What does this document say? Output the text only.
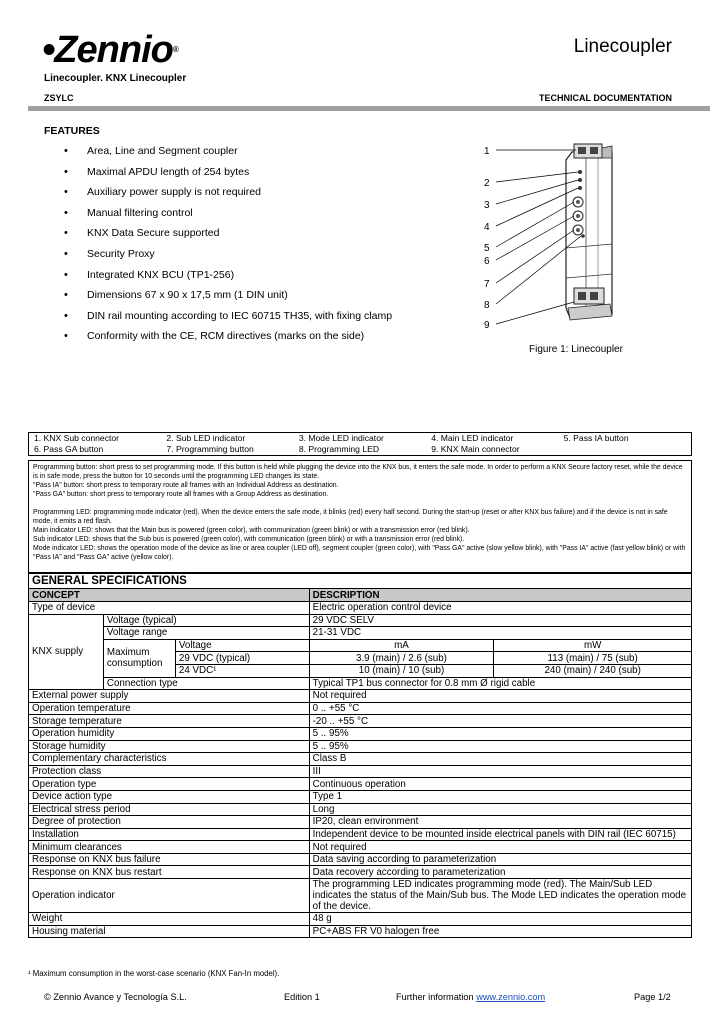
•Zennio®	Linecoupler
Linecoupler. KNX Linecoupler
ZSYLC	TECHNICAL DOCUMENTATION
FEATURES
• Area, Line and Segment coupler
• Maximal APDU length of 254 bytes
• Auxiliary power supply is not required
• Manual filtering control
• KNX Data Secure supported
• Security Proxy
• Integrated KNX BCU (TP1-256)
• Dimensions 67 x 90 x 17,5 mm (1 DIN unit)
• DIN rail mounting according to IEC 60715 TH35, with fixing clamp
• Conformity with the CE, RCM directives (marks on the side)
1
2
3
4
5
6
7
8
9
Figure 1: Linecoupler
1. KNX Sub connector	2. Sub LED indicator	3. Mode LED indicator	4. Main LED indicator	5. Pass IA button
6. Pass GA button	7. Programming button	8. Programming LED	9. KNX Main connector

Programming button: short press to set programming mode. If this button is held while plugging the device into the KNX bus, it enters the safe mode. In order to perform a KNX Secure factory reset, while the device is in safe mode, press the button for 10 seconds until the programming LED changes its state.

"Pass IA" button: short press to temporary route all frames with an Individual Address as destination.

"Pass GA" button: short press to temporary route all frames with a Group Address as destination.

Programming LED: programming mode indicator (red). When the device enters the safe mode, it blinks (red) every half second. During the start-up (reset or after KNX bus failure) and if the device is not in safe mode, it emits a red flash.

Main indicator LED: shows that the Main bus is powered (green color), with communication (green blink) or with a transmission error (red blink).

Sub indicator LED: shows that the Sub bus is powered (green color), with communication (green blink) or with a transmission error (red blink).

Mode indicator LED: shows the operation mode of the device as line or area coupler (LED off), segment coupler (green color), with "Pass GA" active (slow yellow blink), with "Pass IA" active (fast yellow blink) or with "Pass IA" and "Pass GA" active (yellow color).

GENERAL SPECIFICATIONS				
CONCEPT			DESCRIPTION	
Type of device			Electric operation control device	
KNX supply	Voltage (typical)		29 VDC SELV	
	Voltage range		21-31 VDC	
	Maximum consumption	Voltage	mA	mW
		29 VDC (typical)	3.9 (main) / 2.6 (sub)	113 (main) / 75 (sub)
		24 VDC¹	10 (main) / 10 (sub)	240 (main) / 240 (sub)
	Connection type		Typical TP1 bus connector for 0.8 mm Ø rigid cable	
External power supply			Not required	
Operation temperature			0 .. +55 °C	
Storage temperature			-20 .. +55 °C	
Operation humidity			5 .. 95%	
Storage humidity			5 .. 95%	
Complementary characteristics			Class B	
Protection class			III	
Operation type			Continuous operation	
Device action type			Type 1	
Electrical stress period			Long	
Degree of protection			IP20, clean environment	
Installation			Independent device to be mounted inside electrical panels with DIN rail (IEC 60715)	
Minimum clearances			Not required	
Response on KNX bus failure			Data saving according to parameterization	
Response on KNX bus restart			Data recovery according to parameterization	
Operation indicator			The programming LED indicates programming mode (red). The Main/Sub LED indicates the status of the Main/Sub bus. The Mode LED indicates the operation mode of the device.	
Weight			48 g	
Housing material			PC+ABS FR V0 halogen free	
¹ Maximum consumption in the worst-case scenario (KNX Fan-In model).
© Zennio Avance y Tecnología S.L.	Edition 1	Further information www.zennio.com	Page 1/2
